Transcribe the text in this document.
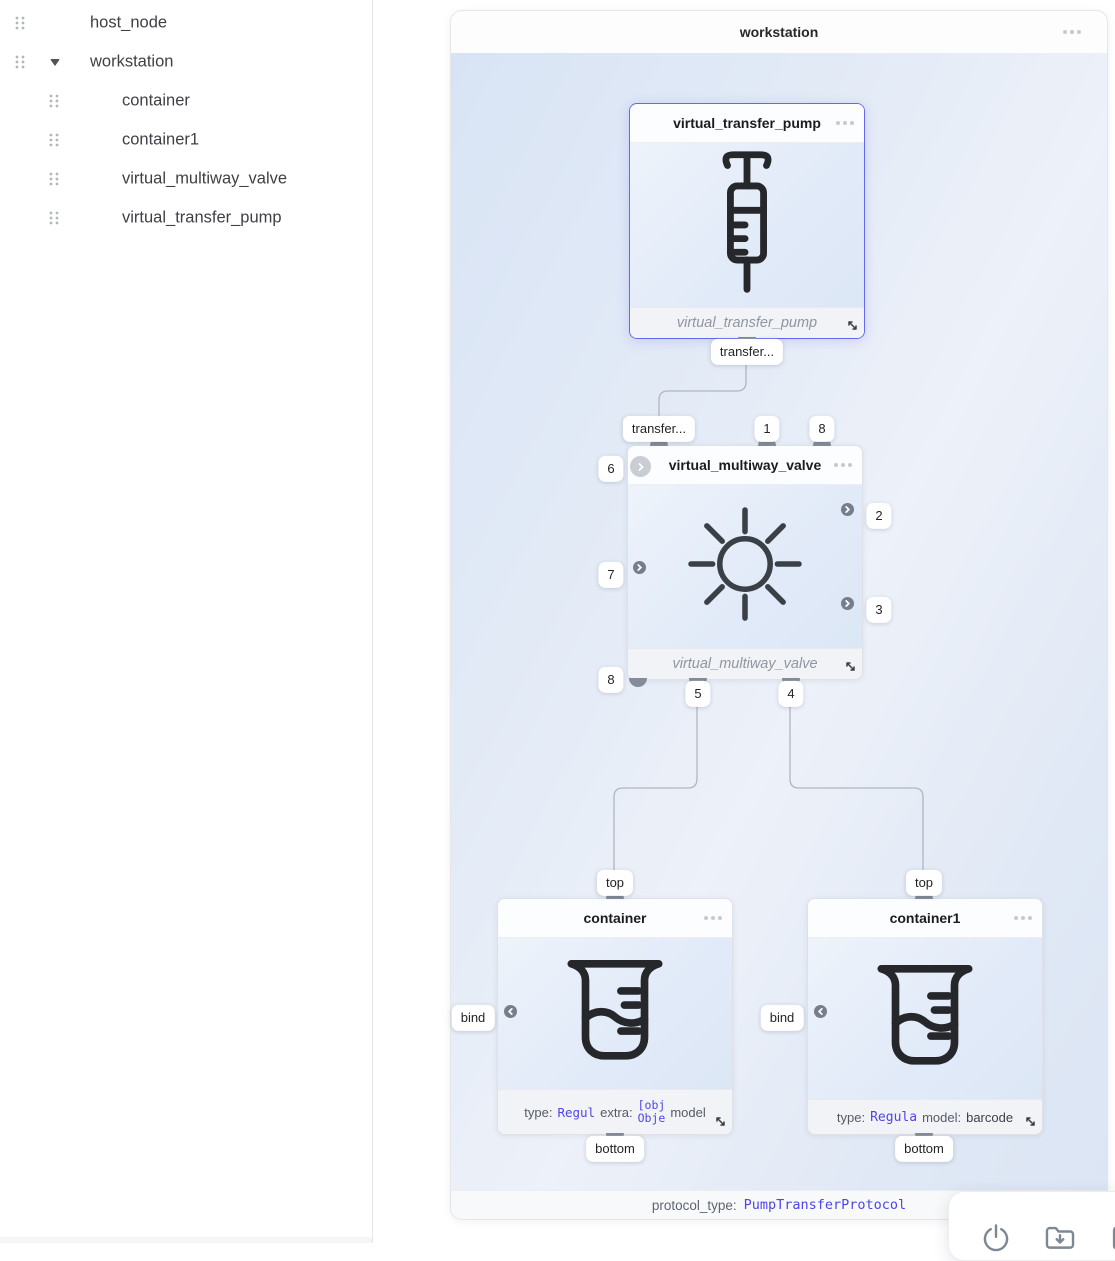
host_node
workstation
container
container1
virtual_multiway_valve
virtual_transfer_pump
workstation
virtual_transfer_pump
virtual_transfer_pump
transfer...
virtual_multiway_valve
virtual_multiway_valve
transfer...	1	8
6
7
2
3
8
5	4
container
type: Regul extra: [obj
Obje model
top
bind
bottom
container1
type: Regula model: barcode
top
bind
bottom
protocol_type: PumpTransferProtocol
